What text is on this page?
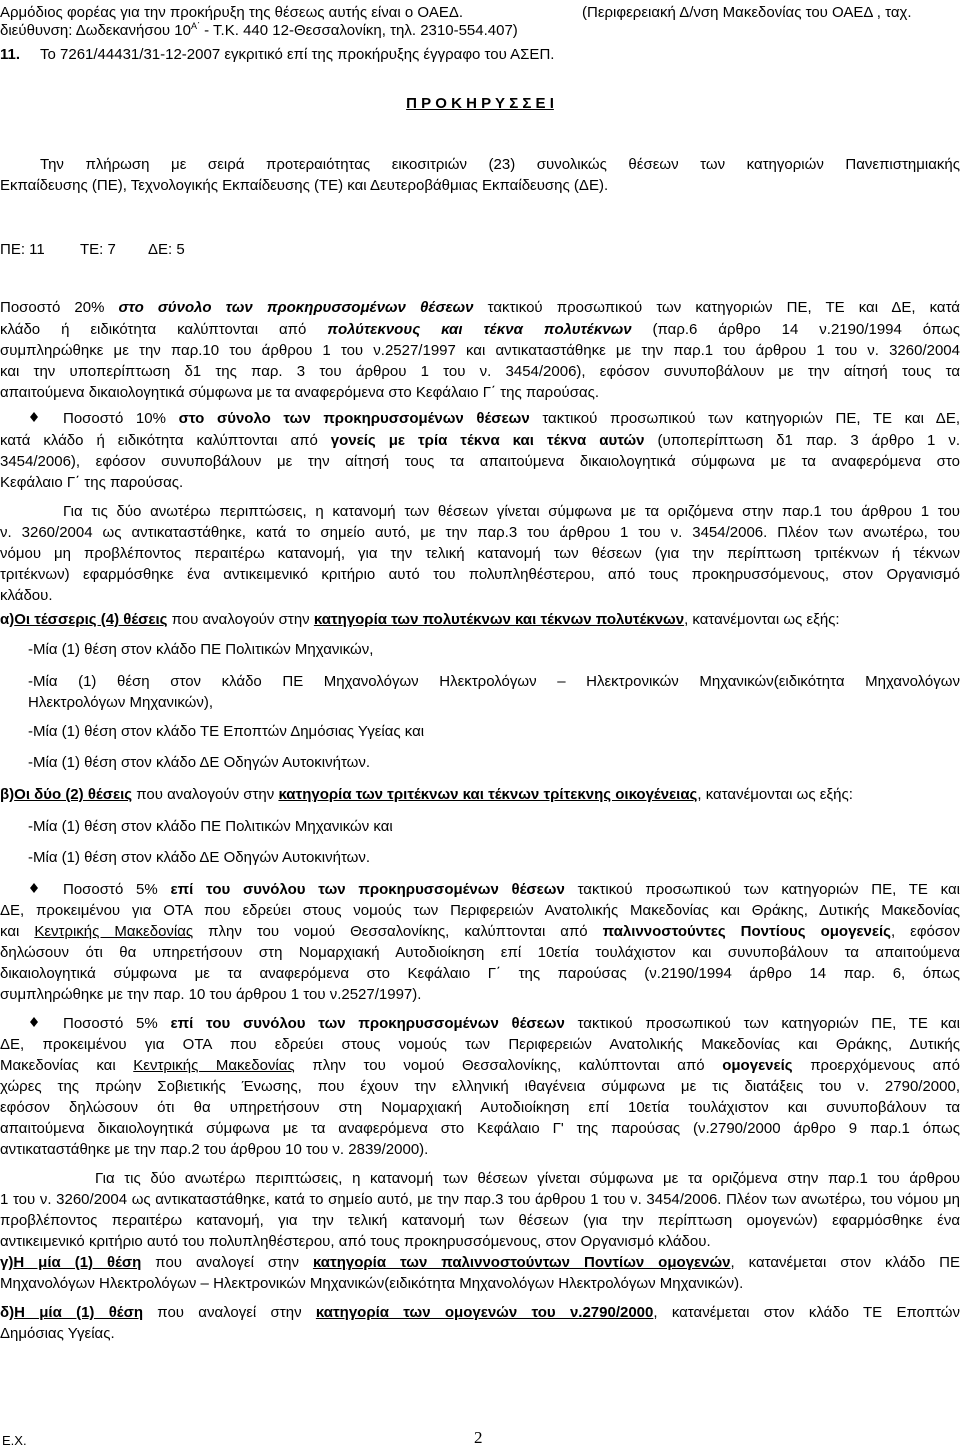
Αρμόδιος φορέας για την προκήρυξη της θέσεως αυτής είναι ο ΟΑΕΔ.	(Περιφερειακή Δ/νση Μακεδονίας του ΟΑΕΔ , ταχ.
διεύθυνση: Δωδεκανήσου $10^{A΄} - T.K$. 440 12-Θεσσαλονίκη, τηλ. 2310-554.407)
11. Το 7261/44431/31-12-2007 εγκριτικό επί της προκήρυξης έγγραφο του ΑΣΕΠ.
Π Ρ Ο Κ Η Ρ Υ Σ Σ Ε Ι
Την πλήρωση με σειρά προτεραιότητας εικοσιτριών (23) συνολικώς θέσεων των κατηγοριών Πανεπιστημιακής
Εκπαίδευσης (ΠΕ), Τεχνολογικής Εκπαίδευσης (ΤΕ) και Δευτεροβάθμιας Εκπαίδευσης (ΔΕ).
ΠΕ: 11 ΤΕ: 7 ΔΕ: 5
Ποσοστό 20% στο σύνολο των προκηρυσσομένων θέσεων τακτικού προσωπικού των κατηγοριών ΠΕ, ΤΕ και ΔΕ, κατά
κλάδο ή ειδικότητα καλύπτονται από πολύτεκνους και τέκνα πολυτέκνων (παρ.6 άρθρο 14 ν.2190/1994 όπως
συμπληρώθηκε με την παρ.10 του άρθρου 1 του ν.2527/1997 και αντικαταστάθηκε με την παρ.1 του άρθρου 1 του ν. 3260/2004
και την υποπερίπτωση δ1 της παρ. 3 του άρθρου 1 του ν. 3454/2006), εφόσον συνυποβάλουν με την αίτησή τους τα
απαιτούμενα δικαιολογητικά σύμφωνα με τα αναφερόμενα στο Κεφάλαιο Γ΄ της παρούσας.
Ποσοστό 10% στο σύνολο των προκηρυσσομένων θέσεων τακτικού προσωπικού των κατηγοριών ΠΕ, ΤΕ και ΔΕ,
κατά κλάδο ή ειδικότητα καλύπτονται από γονείς με τρία τέκνα και τέκνα αυτών (υποπερίπτωση δ1 παρ. 3 άρθρο 1 ν.
3454/2006), εφόσον συνυποβάλουν με την αίτησή τους τα απαιτούμενα δικαιολογητικά σύμφωνα με τα αναφερόμενα στο
Κεφάλαιο Γ΄ της παρούσας.
Για τις δύο ανωτέρω περιπτώσεις, η κατανομή των θέσεων γίνεται σύμφωνα με τα οριζόμενα στην παρ.1 του άρθρου 1 του
ν. 3260/2004 ως αντικαταστάθηκε, κατά το σημείο αυτό, με την παρ.3 του άρθρου 1 του ν. 3454/2006. Πλέον των ανωτέρω, του
νόμου μη προβλέποντος περαιτέρω κατανομή, για την τελική κατανομή των θέσεων (για την περίπτωση τριτέκνων ή τέκνων
τριτέκνων) εφαρμόσθηκε ένα αντικειμενικό κριτήριο αυτό του πολυπληθέστερου, από τους προκηρυσσόμενους, στον Οργανισμό
κλάδου.
α)Οι τέσσερις (4) θέσεις που αναλογούν στην κατηγορία των πολυτέκνων και τέκνων πολυτέκνων, κατανέμονται ως εξής:
-Μία (1) θέση στον κλάδο ΠΕ Πολιτικών Μηχανικών,
-Μία (1) θέση στον κλάδο ΠΕ Μηχανολόγων Ηλεκτρολόγων – Ηλεκτρονικών Μηχανικών(ειδικότητα Μηχανολόγων
Ηλεκτρολόγων Μηχανικών),
-Μία (1) θέση στον κλάδο ΤΕ Εποπτών Δημόσιας Υγείας και
-Μία (1) θέση στον κλάδο ΔΕ Οδηγών Αυτοκινήτων.
β)Οι δύο (2) θέσεις που αναλογούν στην κατηγορία των τριτέκνων και τέκνων τρίτεκνης οικογένειας, κατανέμονται ως εξής:
-Μία (1) θέση στον κλάδο ΠΕ Πολιτικών Μηχανικών και
-Μία (1) θέση στον κλάδο ΔΕ Οδηγών Αυτοκινήτων.
Ποσοστό 5% επί του συνόλου των προκηρυσσομένων θέσεων τακτικού προσωπικού των κατηγοριών ΠΕ, ΤΕ και
ΔΕ, προκειμένου για ΟΤΑ που εδρεύει στους νομούς των Περιφερειών Ανατολικής Μακεδονίας και Θράκης, Δυτικής Μακεδονίας
και Κεντρικής Μακεδονίας πλην του νομού Θεσσαλονίκης, καλύπτονται από παλιννοστούντες Ποντίους ομογενείς, εφόσον
δηλώσουν ότι θα υπηρετήσουν στη Νομαρχιακή Αυτοδιοίκηση επί 10ετία τουλάχιστον και συνυποβάλουν τα απαιτούμενα
δικαιολογητικά σύμφωνα με τα αναφερόμενα στο Κεφάλαιο Γ΄ της παρούσας (ν.2190/1994 άρθρο 14 παρ. 6, όπως
συμπληρώθηκε με την παρ. 10 του άρθρου 1 του ν.2527/1997).
Ποσοστό 5% επί του συνόλου των προκηρυσσομένων θέσεων τακτικού προσωπικού των κατηγοριών ΠΕ, ΤΕ και
ΔΕ, προκειμένου για ΟΤΑ που εδρεύει στους νομούς των Περιφερειών Ανατολικής Μακεδονίας και Θράκης, Δυτικής
Μακεδονίας και Κεντρικής Μακεδονίας πλην του νομού Θεσσαλονίκης, καλύπτονται από ομογενείς προερχόμενους από
χώρες της πρώην Σοβιετικής Ένωσης, που έχουν την ελληνική ιθαγένεια σύμφωνα με τις διατάξεις του ν. 2790/2000,
εφόσον δηλώσουν ότι θα υπηρετήσουν στη Νομαρχιακή Αυτοδιοίκηση επί 10ετία τουλάχιστον και συνυποβάλουν τα
απαιτούμενα δικαιολογητικά σύμφωνα με τα αναφερόμενα στο Κεφάλαιο Γ' της παρούσας (ν.2790/2000 άρθρο 9 παρ.1 όπως
αντικαταστάθηκε με την παρ.2 του άρθρου 10 του ν. 2839/2000).
Για τις δύο ανωτέρω περιπτώσεις, η κατανομή των θέσεων γίνεται σύμφωνα με τα οριζόμενα στην παρ.1 του άρθρου
1 του ν. 3260/2004 ως αντικαταστάθηκε, κατά το σημείο αυτό, με την παρ.3 του άρθρου 1 του ν. 3454/2006. Πλέον των ανωτέρω, του νόμου μη
προβλέποντος περαιτέρω κατανομή, για την τελική κατανομή των θέσεων (για την περίπτωση ομογενών) εφαρμόσθηκε ένα
αντικειμενικό κριτήριο αυτό του πολυπληθέστερου, από τους προκηρυσσόμενους, στον Οργανισμό κλάδου.
γ)Η μία (1) θέση που αναλογεί στην κατηγορία των παλιννοστούντων Ποντίων ομογενών, κατανέμεται στον κλάδο ΠΕ
Μηχανολόγων Ηλεκτρολόγων – Ηλεκτρονικών Μηχανικών(ειδικότητα Μηχανολόγων Ηλεκτρολόγων Μηχανικών).
δ)Η μία (1) θέση που αναλογεί στην κατηγορία των ομογενών του ν.2790/2000, κατανέμεται στον κλάδο ΤΕ Εποπτών
Δημόσιας Υγείας.
Ε.Χ.	2
